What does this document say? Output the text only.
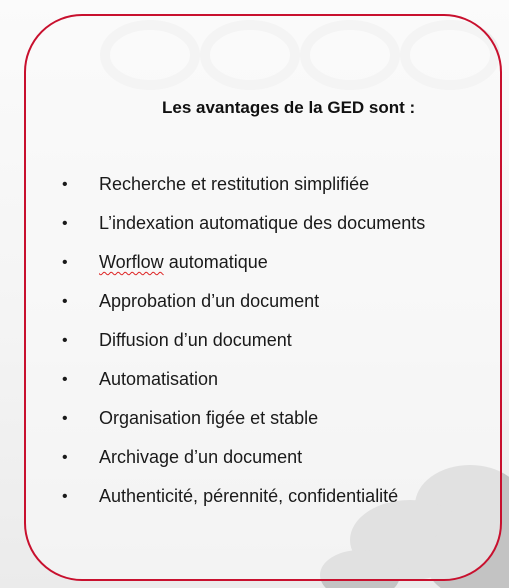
Les avantages de la GED sont :
• Recherche et restitution simplifiée
• L’indexation automatique des documents
• Worflow automatique
• Approbation d’un document
• Diffusion d’un document
• Automatisation
• Organisation figée et stable
• Archivage d’un document
• Authenticité, pérennité, confidentialité
